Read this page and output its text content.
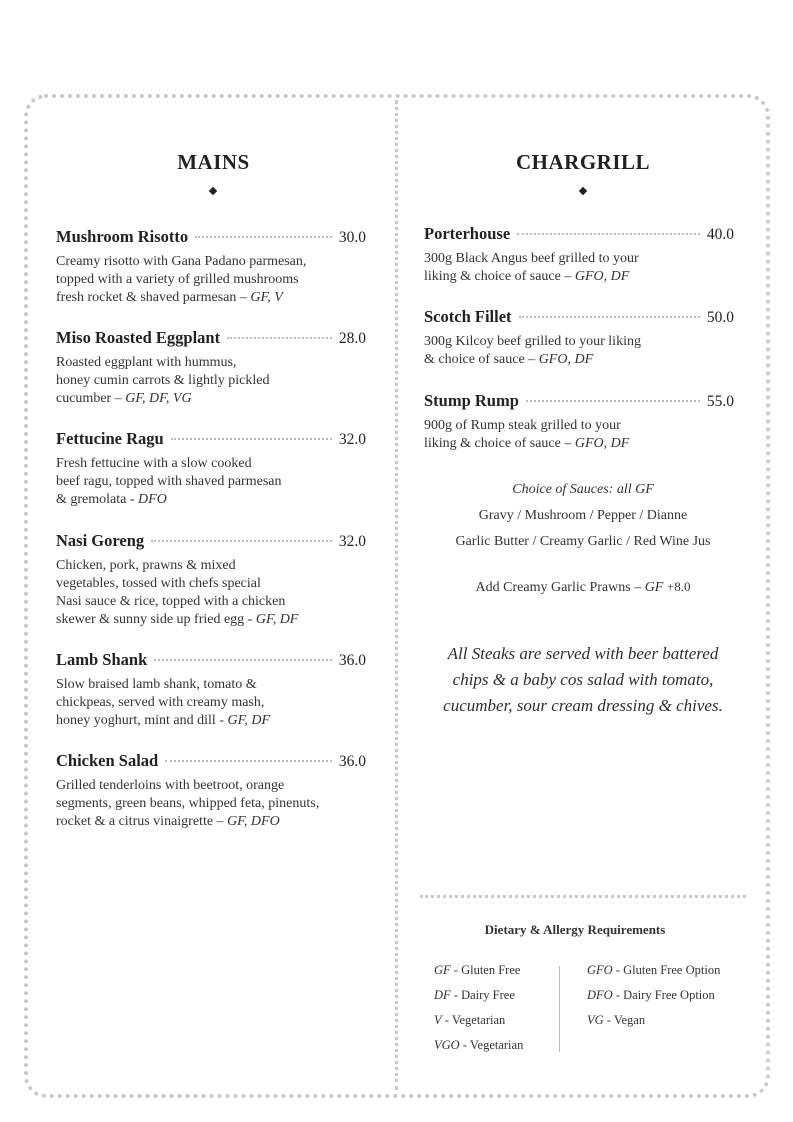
MAINS	CHARGRILL
Mushroom Risotto	30.0
Creamy risotto with Gana Padano parmesan,
topped with a variety of grilled mushrooms
fresh rocket & shaved parmesan – GF, V
Miso Roasted Eggplant	28.0
Roasted eggplant with hummus,
honey cumin carrots & lightly pickled
cucumber – GF, DF, VG
Fettucine Ragu	32.0
Fresh fettucine with a slow cooked
beef ragu, topped with shaved parmesan
& gremolata - DFO
Nasi Goreng	32.0
Chicken, pork, prawns & mixed
vegetables, tossed with chefs special
Nasi sauce & rice, topped with a chicken
skewer & sunny side up fried egg - GF, DF
Lamb Shank	36.0
Slow braised lamb shank, tomato &
chickpeas, served with creamy mash,
honey yoghurt, mint and dill - GF, DF
Chicken Salad	36.0
Grilled tenderloins with beetroot, orange
segments, green beans, whipped feta, pinenuts,
rocket & a citrus vinaigrette – GF, DFO
Porterhouse	40.0
300g Black Angus beef grilled to your
liking & choice of sauce – GFO, DF
Scotch Fillet	50.0
300g Kilcoy beef grilled to your liking
& choice of sauce – GFO, DF
Stump Rump	55.0
900g of Rump steak grilled to your
liking & choice of sauce – GFO, DF
Choice of Sauces: all GF
Gravy / Mushroom / Pepper / Dianne
Garlic Butter / Creamy Garlic / Red Wine Jus
Add Creamy Garlic Prawns – GF +8.0
All Steaks are served with beer battered
chips & a baby cos salad with tomato,
cucumber, sour cream dressing & chives.
Dietary & Allergy Requirements
GF - Gluten Free
DF - Dairy Free
V - Vegetarian
VGO - Vegetarian
GFO - Gluten Free Option
DFO - Dairy Free Option
VG - Vegan
